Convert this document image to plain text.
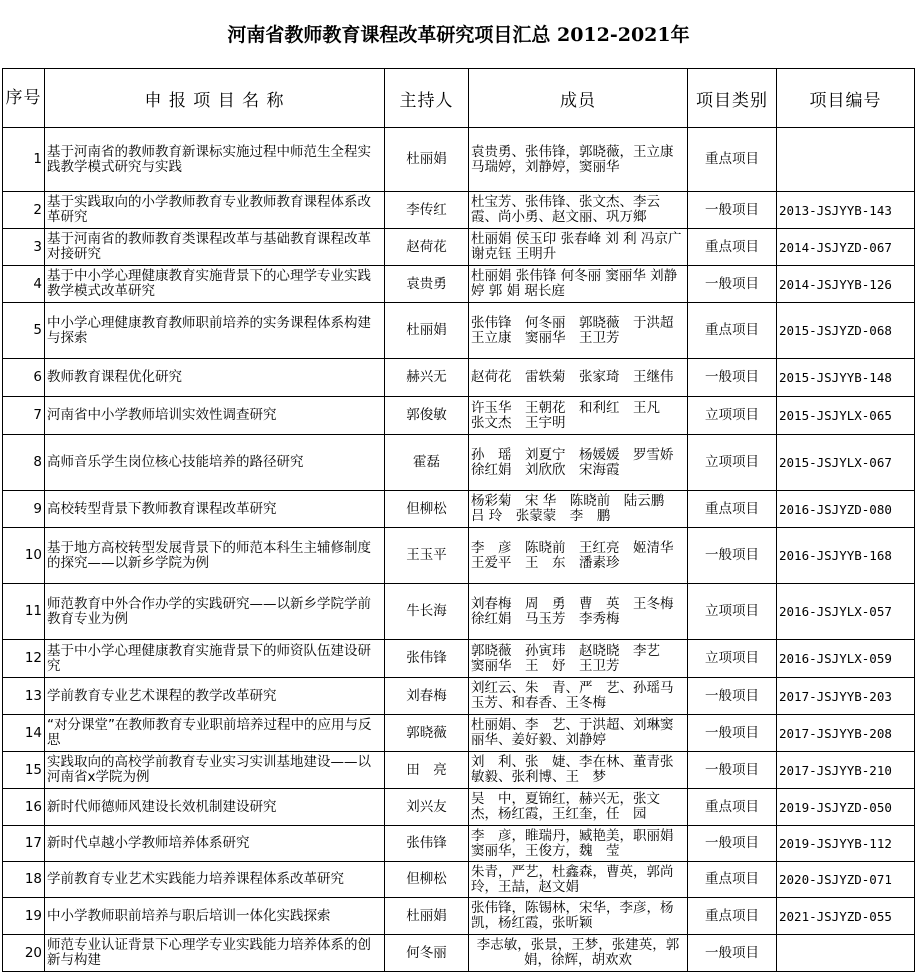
河南省教师教育课程改革研究项目汇总 2012-2021年
序号	申 报 项 目 名 称	主持人	成员	项目类别	项目编号
1	基于河南省的教师教育新课标实施过程中师范生全程实践教学模式研究与实践	杜丽娟	袁贵勇、张伟锋，郭晓薇，王立康　马瑞婷，刘静婷，窦丽华	重点项目	
2	基于实践取向的小学教师教育专业教师教育课程体系改革研究	李传红	杜宝芳、张伟锋、张文杰、李云霞、尚小勇、赵文丽、巩万鄉	一般项目	2013-JSJYYB-143
3	基于河南省的教师教育类课程改革与基础教育课程改革对接研究	赵荷花	杜丽娟 侯玉印 张春峰 刘 利 冯京广 谢克钰 王明升	重点项目	2014-JSJYZD-067
4	基于中小学心理健康教育实施背景下的心理学专业实践教学模式改革研究	袁贵勇	杜丽娟 张伟锋 何冬丽 窦丽华 刘静婷 郭 娟 琚长庭	一般项目	2014-JSJYYB-126
5	中小学心理健康教育教师职前培养的实务课程体系构建与探索	杜丽娟	张伟锋　何冬丽　郭晓薇　于洪超　王立康　窦丽华　王卫芳	重点项目	2015-JSJYZD-068
6	教师教育课程优化研究	赫兴无	赵荷花　雷轶菊　张家琦　王继伟	一般项目	2015-JSJYYB-148
7	河南省中小学教师培训实效性调查研究	郭俊敏	许玉华　王朝花　和利红　王凡　张文杰　王宇明	立项项目	2015-JSJYLX-065
8	高师音乐学生岗位核心技能培养的路径研究	霍磊	孙　瑶　刘夏宁　杨媛媛　罗雪娇　徐红娟　刘欣欣　宋海霞	立项项目	2015-JSJYLX-067
9	高校转型背景下教师教育课程改革研究	但柳松	杨彩菊　宋 华　陈晓前　陆云鹏　吕 玲　张蒙蒙　李　鹏	重点项目	2016-JSJYZD-080
10	基于地方高校转型发展背景下的师范本科生主辅修制度的探究——以新乡学院为例	王玉平	李　彦　陈晓前　王红亮　姬清华　王爱平　王　东　潘素珍	一般项目	2016-JSJYYB-168
11	师范教育中外合作办学的实践研究——以新乡学院学前教育专业为例	牛长海	刘春梅　周　勇　曹　英　王冬梅　徐红娟　马玉芳　李秀梅	立项项目	2016-JSJYLX-057
12	基于中小学心理健康教育实施背景下的师资队伍建设研究	张伟锋	郭晓薇　孙寅玮　赵晓晓　李艺　窦丽华　王　妤　王卫芳	立项项目	2016-JSJYLX-059
13	学前教育专业艺术课程的教学改革研究	刘春梅	刘红云、朱　青、严　艺、孙瑶马玉芳、和春香、王冬梅	一般项目	2017-JSJYYB-203
14	“对分课堂”在教师教育专业职前培养过程中的应用与反思	郭晓薇	杜丽娟、李　艺、于洪超、刘琳窦丽华、姜好毅、刘静婷	一般项目	2017-JSJYYB-208
15	实践取向的高校学前教育专业实习实训基地建设——以河南省x学院为例	田　亮	刘　利、张　婕、李在林、董青张敏毅、张利博、王　梦	一般项目	2017-JSJYYB-210
16	新时代师德师风建设长效机制建设研究	刘兴友	吴　中，夏锦红，赫兴无，张文杰，杨红霞，王红奎，任　园	重点项目	2019-JSJYZD-050
17	新时代卓越小学教师培养体系研究	张伟锋	李　彦，睢瑞丹，臧艳美，职丽娟窦丽华，王俊方，魏　莹	一般项目	2019-JSJYYB-112
18	学前教育专业艺术实践能力培养课程体系改革研究	但柳松	朱青，严艺，杜鑫森，曹英，郭尚玲，王喆，赵文娟	重点项目	2020-JSJYZD-071
19	中小学教师职前培养与职后培训一体化实践探索	杜丽娟	张伟锋，陈锡林，宋华，李彦，杨凯，杨红霞，张昕颖	重点项目	2021-JSJYZD-055
20	师范专业认证背景下心理学专业实践能力培养体系的创新与构建	何冬丽	李志敏，张景，王梦，张建英，郭娟，徐辉，胡欢欢	一般项目	
